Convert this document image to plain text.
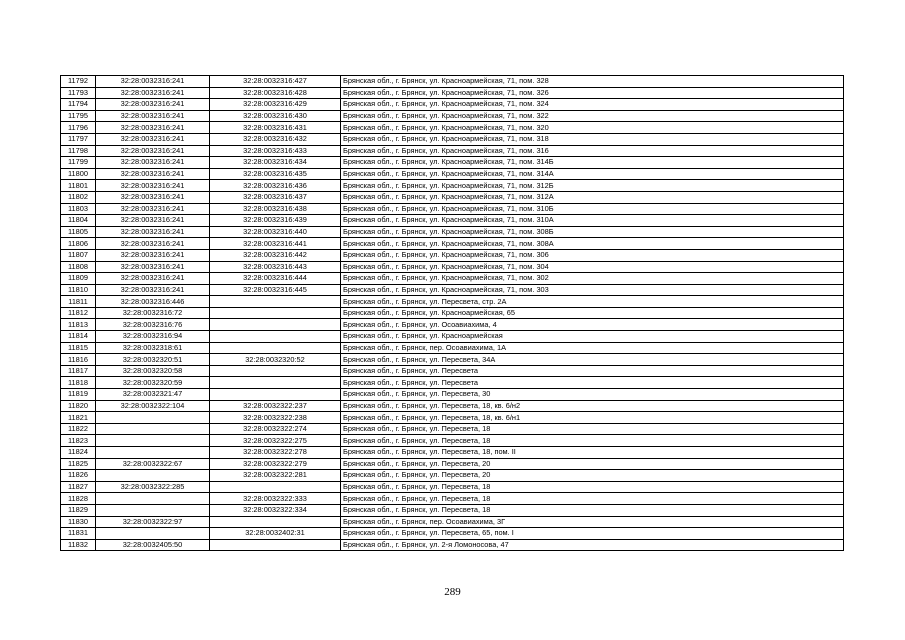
11792	32:28:0032316:241	32:28:0032316:427	Брянская обл., г. Брянск, ул. Красноармейская, 71, пом. 328
11793	32:28:0032316:241	32:28:0032316:428	Брянская обл., г. Брянск, ул. Красноармейская, 71, пом. 326
11794	32:28:0032316:241	32:28:0032316:429	Брянская обл., г. Брянск, ул. Красноармейская, 71, пом. 324
11795	32:28:0032316:241	32:28:0032316:430	Брянская обл., г. Брянск, ул. Красноармейская, 71, пом. 322
11796	32:28:0032316:241	32:28:0032316:431	Брянская обл., г. Брянск, ул. Красноармейская, 71, пом. 320
11797	32:28:0032316:241	32:28:0032316:432	Брянская обл., г. Брянск, ул. Красноармейская, 71, пом. 318
11798	32:28:0032316:241	32:28:0032316:433	Брянская обл., г. Брянск, ул. Красноармейская, 71, пом. 316
11799	32:28:0032316:241	32:28:0032316:434	Брянская обл., г. Брянск, ул. Красноармейская, 71, пом. 314Б
11800	32:28:0032316:241	32:28:0032316:435	Брянская обл., г. Брянск, ул. Красноармейская, 71, пом. 314А
11801	32:28:0032316:241	32:28:0032316:436	Брянская обл., г. Брянск, ул. Красноармейская, 71, пом. 312Б
11802	32:28:0032316:241	32:28:0032316:437	Брянская обл., г. Брянск, ул. Красноармейская, 71, пом. 312А
11803	32:28:0032316:241	32:28:0032316:438	Брянская обл., г. Брянск, ул. Красноармейская, 71, пом. 310Б
11804	32:28:0032316:241	32:28:0032316:439	Брянская обл., г. Брянск, ул. Красноармейская, 71, пом. 310А
11805	32:28:0032316:241	32:28:0032316:440	Брянская обл., г. Брянск, ул. Красноармейская, 71, пом. 308Б
11806	32:28:0032316:241	32:28:0032316:441	Брянская обл., г. Брянск, ул. Красноармейская, 71, пом. 308А
11807	32:28:0032316:241	32:28:0032316:442	Брянская обл., г. Брянск, ул. Красноармейская, 71, пом. 306
11808	32:28:0032316:241	32:28:0032316:443	Брянская обл., г. Брянск, ул. Красноармейская, 71, пом. 304
11809	32:28:0032316:241	32:28:0032316:444	Брянская обл., г. Брянск, ул. Красноармейская, 71, пом. 302
11810	32:28:0032316:241	32:28:0032316:445	Брянская обл., г. Брянск, ул. Красноармейская, 71, пом. 303
11811	32:28:0032316:446		Брянская обл., г. Брянск, ул. Пересвета, стр. 2А
11812	32:28:0032316:72		Брянская обл., г. Брянск, ул. Красноармейская, 65
11813	32:28:0032316:76		Брянская обл., г. Брянск, ул. Осоавиахима, 4
11814	32:28:0032316:94		Брянская обл., г. Брянск, ул. Красноармейская
11815	32:28:0032318:61		Брянская обл., г. Брянск, пер. Осоавиахима, 1А
11816	32:28:0032320:51	32:28:0032320:52	Брянская обл., г. Брянск, ул. Пересвета, 34А
11817	32:28:0032320:58		Брянская обл., г. Брянск, ул. Пересвета
11818	32:28:0032320:59		Брянская обл., г. Брянск, ул. Пересвета
11819	32:28:0032321:47		Брянская обл., г. Брянск, ул. Пересвета, 30
11820	32:28:0032322:104	32:28:0032322:237	Брянская обл., г. Брянск, ул. Пересвета, 18, кв. 6/н2
11821		32:28:0032322:238	Брянская обл., г. Брянск, ул. Пересвета, 18, кв. 6/н1
11822		32:28:0032322:274	Брянская обл., г. Брянск, ул. Пересвета, 18
11823		32:28:0032322:275	Брянская обл., г. Брянск, ул. Пересвета, 18
11824		32:28:0032322:278	Брянская обл., г. Брянск, ул. Пересвета, 18, пом. II
11825	32:28:0032322:67	32:28:0032322:279	Брянская обл., г. Брянск, ул. Пересвета, 20
11826		32:28:0032322:281	Брянская обл., г. Брянск, ул. Пересвета, 20
11827	32:28:0032322:285		Брянская обл., г. Брянск, ул. Пересвета, 18
11828		32:28:0032322:333	Брянская обл., г. Брянск, ул. Пересвета, 18
11829		32:28:0032322:334	Брянская обл., г. Брянск, ул. Пересвета, 18
11830	32:28:0032322:97		Брянская обл., г. Брянск, пер. Осоавиахима, 3Г
11831		32:28:0032402:31	Брянская обл., г. Брянск, ул. Пересвета, 65, пом. I
11832	32:28:0032405:50		Брянская обл., г. Брянск, ул. 2-я Ломоносова, 47
289
